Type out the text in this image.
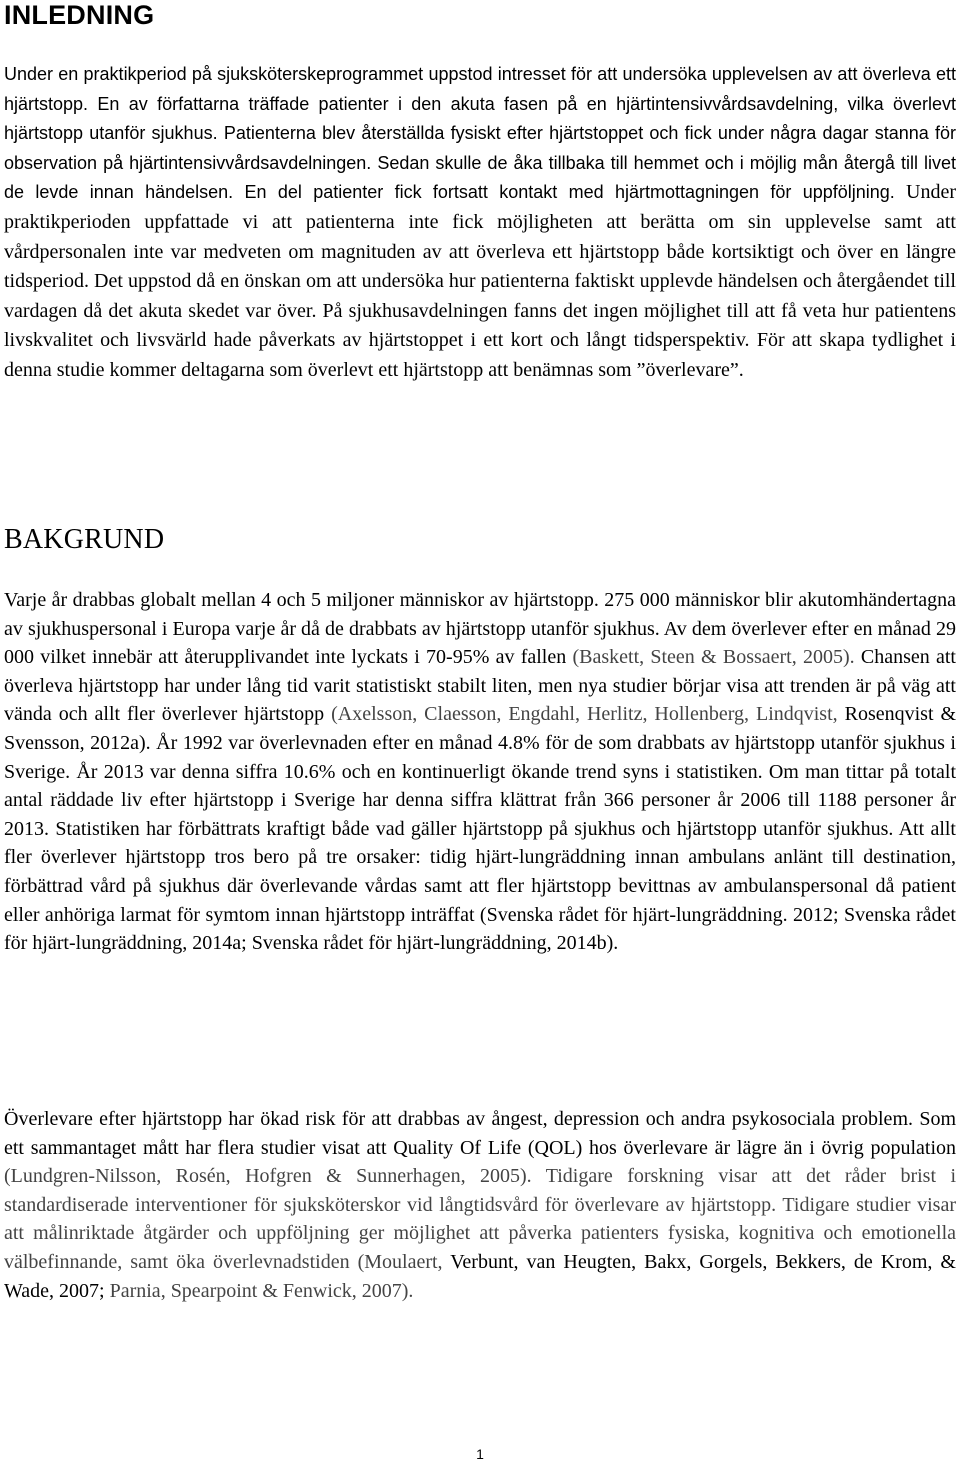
INLEDNING

Under en praktikperiod på sjuksköterskeprogrammet uppstod intresset för att undersöka upplevelsen av att överleva ett hjärtstopp. En av författarna träffade patienter i den akuta fasen på en hjärtintensivvårdsavdelning, vilka överlevt hjärtstopp utanför sjukhus. Patienterna blev återställda fysiskt efter hjärtstoppet och fick under några dagar stanna för observation på hjärtintensivvårdsavdelningen. Sedan skulle de åka tillbaka till hemmet och i möjlig mån återgå till livet de levde innan händelsen. En del patienter fick fortsatt kontakt med hjärtmottagningen för uppföljning. Under praktikperioden uppfattade vi att patienterna inte fick möjligheten att berätta om sin upplevelse samt att vårdpersonalen inte var medveten om magnituden av att överleva ett hjärtstopp både kortsiktigt och över en längre tidsperiod. Det uppstod då en önskan om att undersöka hur patienterna faktiskt upplevde händelsen och återgåendet till vardagen då det akuta skedet var över. På sjukhusavdelningen fanns det ingen möjlighet till att få veta hur patientens livskvalitet och livsvärld hade påverkats av hjärtstoppet i ett kort och långt tidsperspektiv. För att skapa tydlighet i denna studie kommer deltagarna som överlevt ett hjärtstopp att benämnas som ”överlevare”.

BAKGRUND

Varje år drabbas globalt mellan 4 och 5 miljoner människor av hjärtstopp. 275 000 människor blir akutomhändertagna av sjukhuspersonal i Europa varje år då de drabbats av hjärtstopp utanför sjukhus. Av dem överlever efter en månad 29 000 vilket innebär att återupplivandet inte lyckats i 70-95% av fallen (Baskett, Steen & Bossaert, 2005). Chansen att överleva hjärtstopp har under lång tid varit statistiskt stabilt liten, men nya studier börjar visa att trenden är på väg att vända och allt fler överlever hjärtstopp (Axelsson, Claesson, Engdahl, Herlitz, Hollenberg, Lindqvist, Rosenqvist & Svensson, 2012a). År 1992 var överlevnaden efter en månad 4.8% för de som drabbats av hjärtstopp utanför sjukhus i Sverige. År 2013 var denna siffra 10.6% och en kontinuerligt ökande trend syns i statistiken. Om man tittar på totalt antal räddade liv efter hjärtstopp i Sverige har denna siffra klättrat från 366 personer år 2006 till 1188 personer år 2013. Statistiken har förbättrats kraftigt både vad gäller hjärtstopp på sjukhus och hjärtstopp utanför sjukhus. Att allt fler överlever hjärtstopp tros bero på tre orsaker: tidig hjärt-lungräddning innan ambulans anlänt till destination, förbättrad vård på sjukhus där överlevande vårdas samt att fler hjärtstopp bevittnas av ambulanspersonal då patient eller anhöriga larmat för symtom innan hjärtstopp inträffat (Svenska rådet för hjärt-lungräddning. 2012; Svenska rådet för hjärt-lungräddning, 2014a; Svenska rådet för hjärt-lungräddning, 2014b).

Överlevare efter hjärtstopp har ökad risk för att drabbas av ångest, depression och andra psykosociala problem. Som ett sammantaget mått har flera studier visat att Quality Of Life (QOL) hos överlevare är lägre än i övrig population (Lundgren-Nilsson, Rosén, Hofgren & Sunnerhagen, 2005). Tidigare forskning visar att det råder brist i standardiserade interventioner för sjuksköterskor vid långtidsvård för överlevare av hjärtstopp. Tidigare studier visar att målinriktade åtgärder och uppföljning ger möjlighet att påverka patienters fysiska, kognitiva och emotionella välbefinnande, samt öka överlevnadstiden (Moulaert, Verbunt, van Heugten, Bakx, Gorgels, Bekkers, de Krom, & Wade, 2007; Parnia, Spearpoint & Fenwick, 2007).

1
